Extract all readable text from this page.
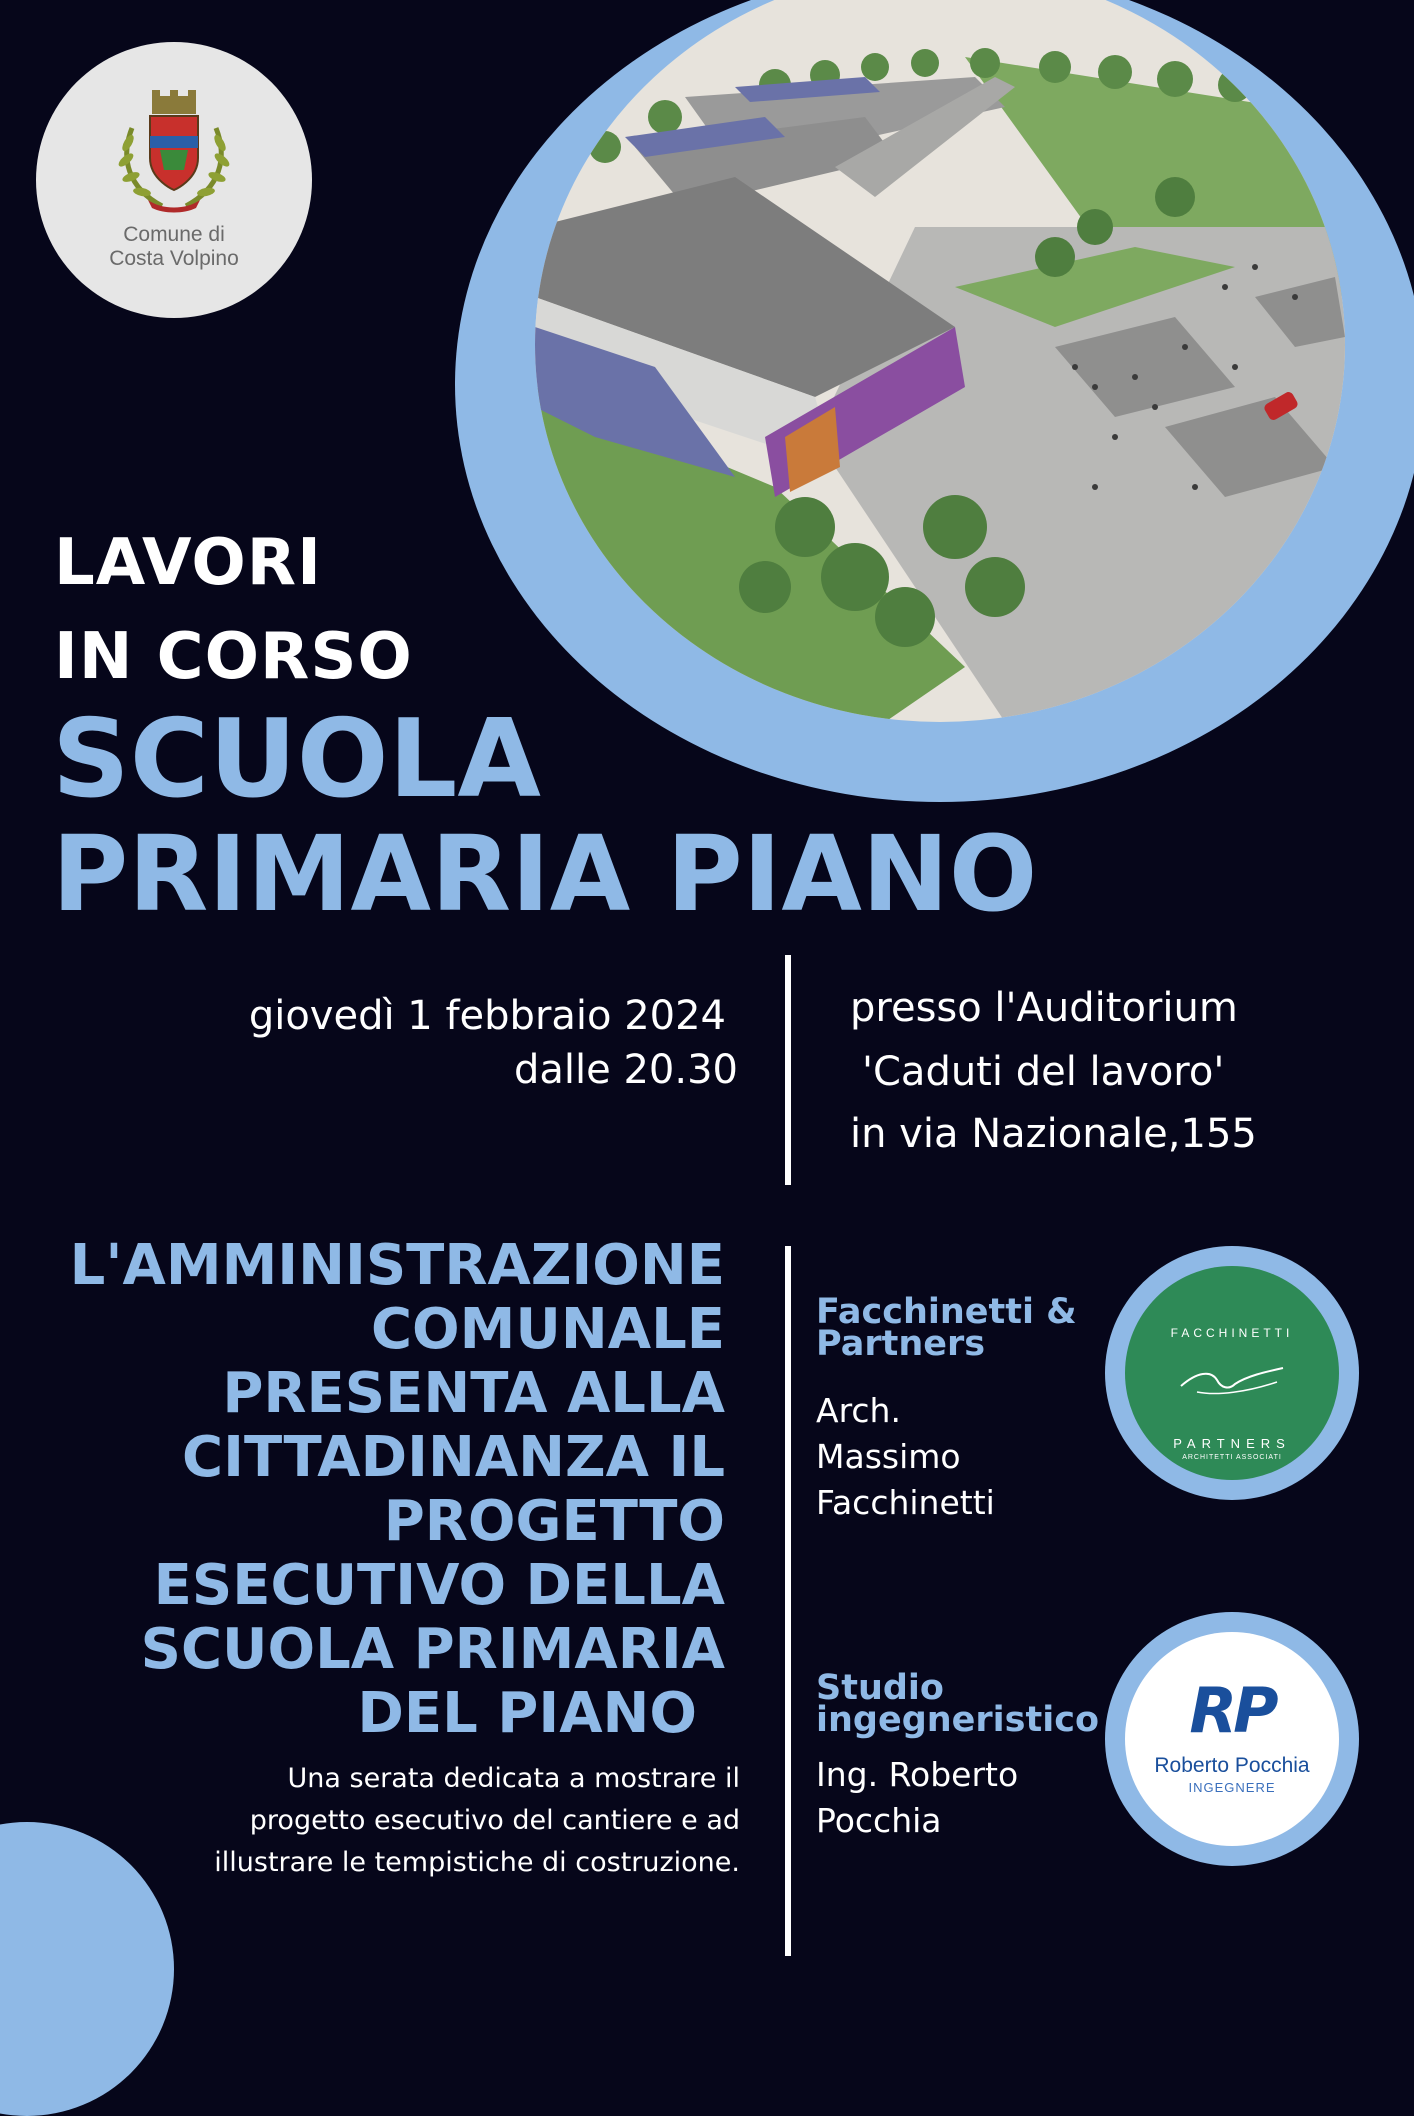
Comune di
Costa Volpino
LAVORI
IN CORSO
SCUOLA
PRIMARIA PIANO
giovedì 1 febbraio 2024
dalle 20.30
presso l'Auditorium
'Caduti del lavoro'
in via Nazionale,155
L'AMMINISTRAZIONE
COMUNALE
PRESENTA ALLA
CITTADINANZA IL
PROGETTO
ESECUTIVO DELLA
SCUOLA PRIMARIA
DEL PIANO
Una serata dedicata a mostrare il
progetto esecutivo del cantiere e ad
illustrare le tempistiche di costruzione.
Facchinetti &
Partners
Arch.
Massimo
Facchinetti
FACCHINETTI
PARTNERS
ARCHITETTI ASSOCIATI
Studio
ingegneristico
Ing. Roberto
Pocchia
RP
Roberto Pocchia
INGEGNERE
